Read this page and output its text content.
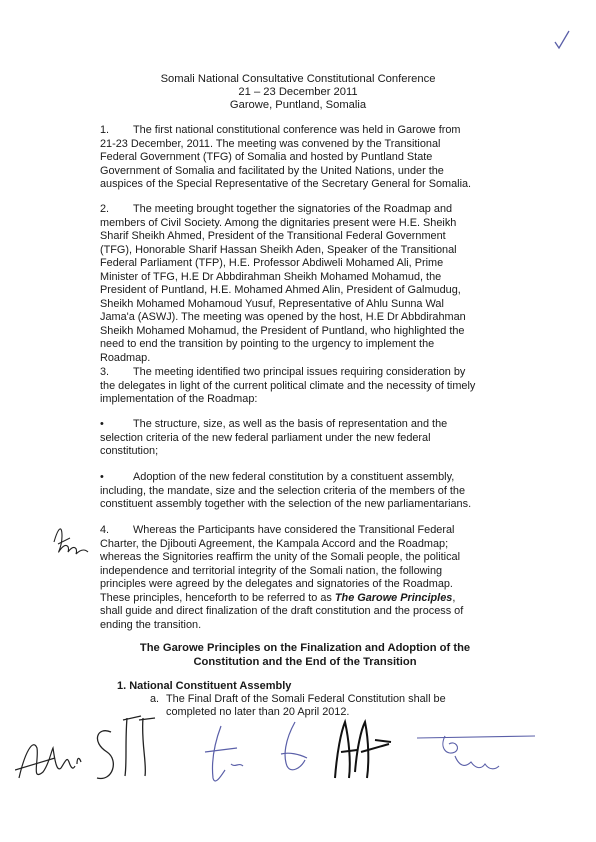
Somali National Consultative Constitutional Conference
21 – 23 December 2011
Garowe, Puntland, Somalia
1. The first national constitutional conference was held in Garowe from
21-23 December, 2011. The meeting was convened by the Transitional
Federal Government (TFG) of Somalia and hosted by Puntland State
Government of Somalia and facilitated by the United Nations, under the
auspices of the Special Representative of the Secretary General for Somalia.
2. The meeting brought together the signatories of the Roadmap and
members of Civil Society. Among the dignitaries present were H.E. Sheikh
Sharif Sheikh Ahmed, President of the Transitional Federal Government
(TFG), Honorable Sharif Hassan Sheikh Aden, Speaker of the Transitional
Federal Parliament (TFP), H.E. Professor Abdiweli Mohamed Ali, Prime
Minister of TFG, H.E Dr Abbdirahman Sheikh Mohamed Mohamud, the
President of Puntland, H.E. Mohamed Ahmed Alin, President of Galmudug,
Sheikh Mohamed Mohamoud Yusuf, Representative of Ahlu Sunna Wal
Jama'a (ASWJ). The meeting was opened by the host, H.E Dr Abbdirahman
Sheikh Mohamed Mohamud, the President of Puntland, who highlighted the
need to end the transition by pointing to the urgency to implement the
Roadmap.
3. The meeting identified two principal issues requiring consideration by
the delegates in light of the current political climate and the necessity of timely
implementation of the Roadmap:
•	The structure, size, as well as the basis of representation and the
selection criteria of the new federal parliament under the new federal
constitution;
•	Adoption of the new federal constitution by a constituent assembly,
including, the mandate, size and the selection criteria of the members of the
constituent assembly together with the selection of the new parliamentarians.
4. Whereas the Participants have considered the Transitional Federal
Charter, the Djibouti Agreement, the Kampala Accord and the Roadmap;
whereas the Signitories reaffirm the unity of the Somali people, the political
independence and territorial integrity of the Somali nation, the following
principles were agreed by the delegates and signatories of the Roadmap.
These principles, henceforth to be referred to as The Garowe Principles,
shall guide and direct finalization of the draft constitution and the process of
ending the transition.
The Garowe Principles on the Finalization and Adoption of the
Constitution and the End of the Transition
1. National Constituent Assembly
a. The Final Draft of the Somali Federal Constitution shall be
completed no later than 20 April 2012.
